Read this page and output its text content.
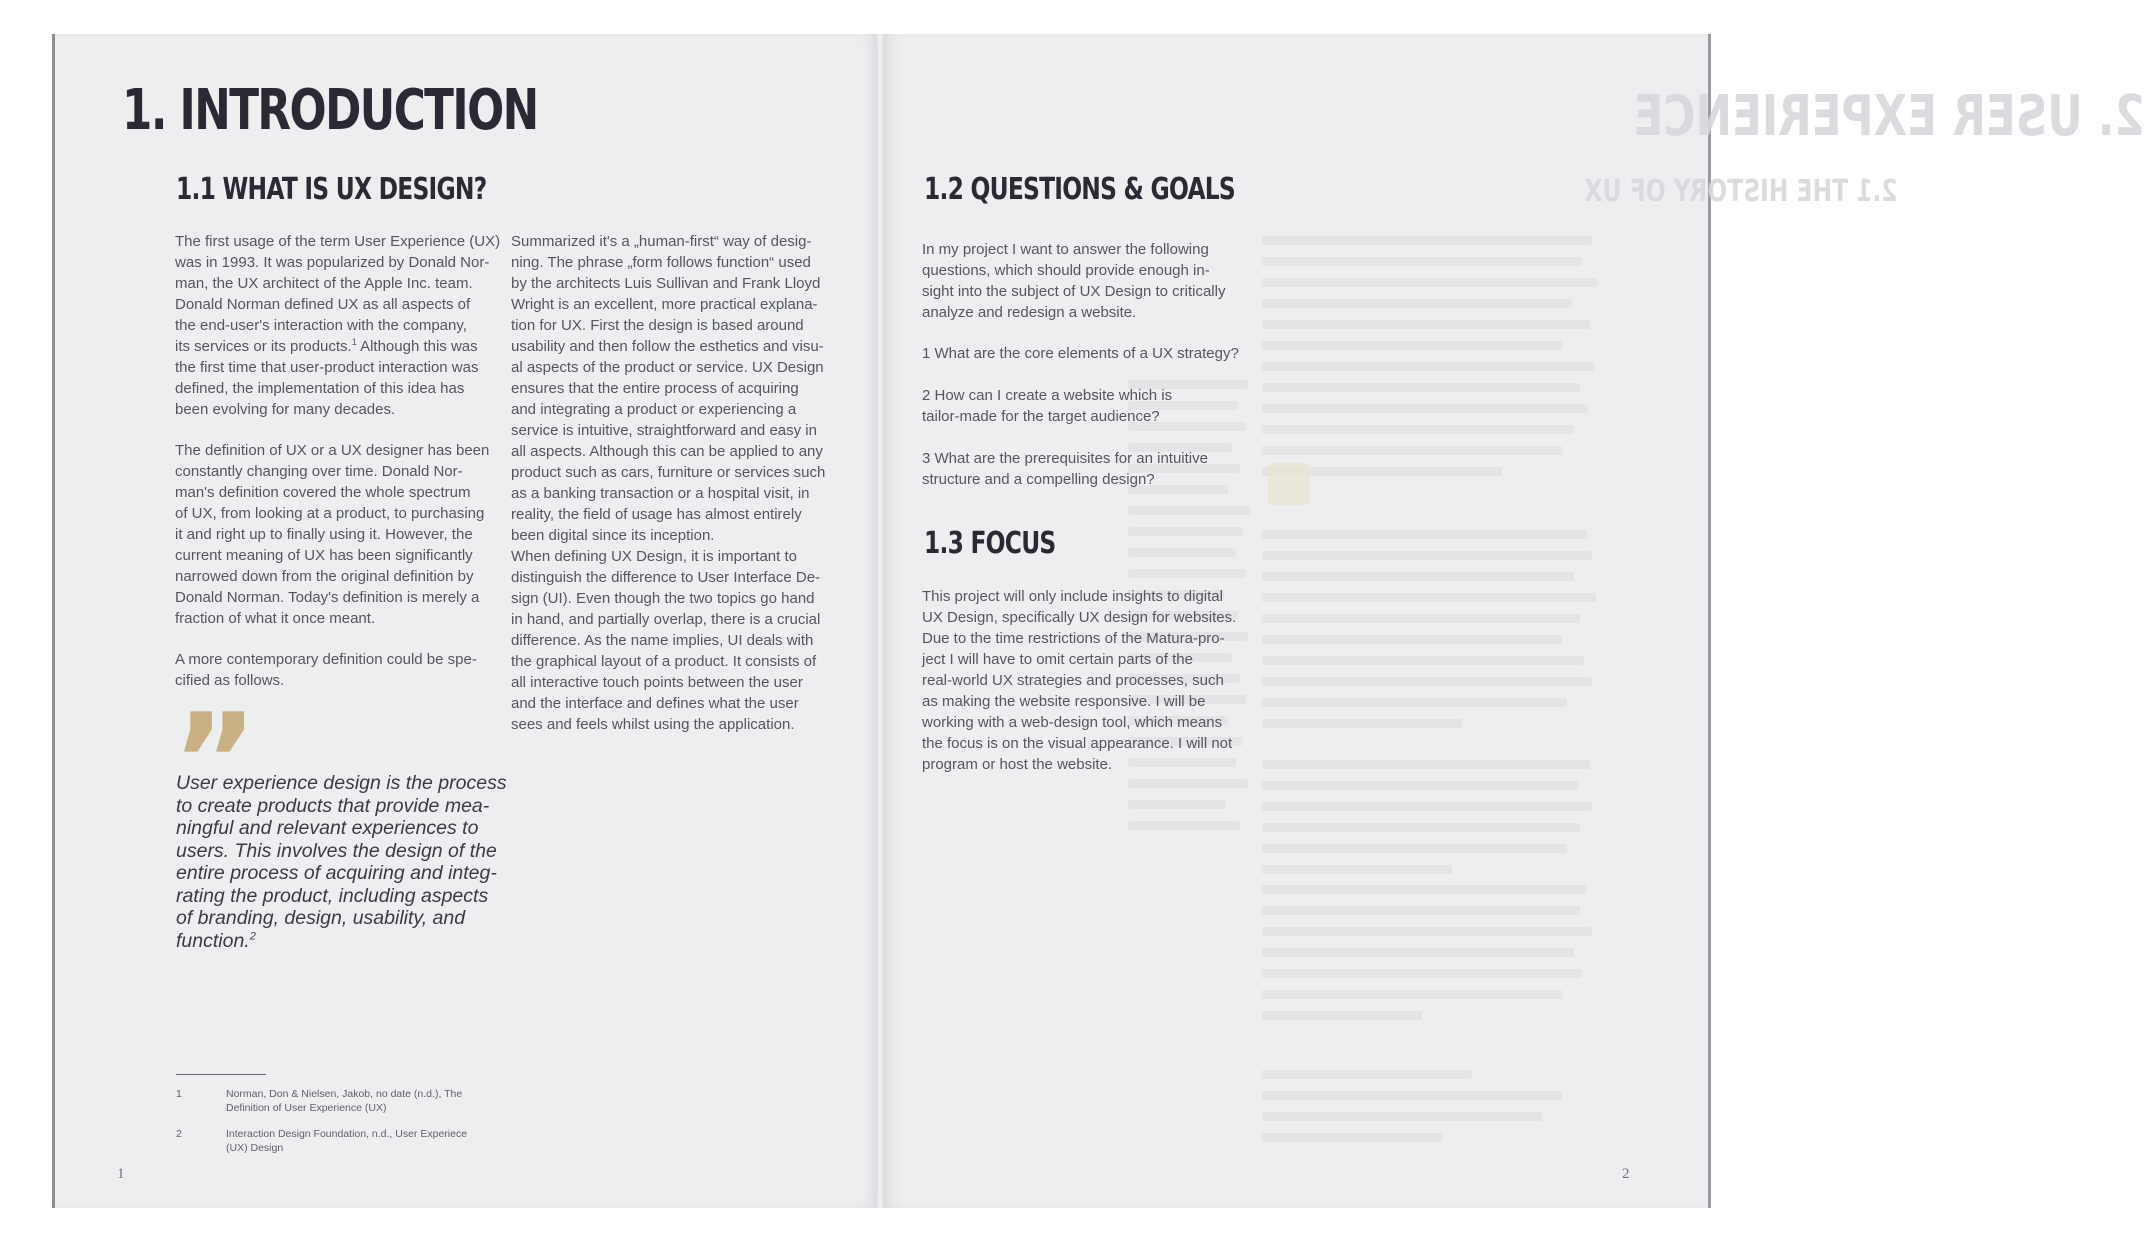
1. INTRODUCTION
1.1 WHAT IS UX DESIGN?
The first usage of the term User Experience (UX)
was in 1993. It was popularized by Donald Nor-
man, the UX architect of the Apple Inc. team.
Donald Norman defined UX as all aspects of
the end-user's interaction with the company,
its services or its products.$^1$ Although this was
the first time that user-product interaction was
defined, the implementation of this idea has
been evolving for many decades.

The definition of UX or a UX designer has been
constantly changing over time. Donald Nor-
man's definition covered the whole spectrum
of UX, from looking at a product, to purchasing
it and right up to finally using it. However, the
current meaning of UX has been significantly
narrowed down from the original definition by
Donald Norman. Today's definition is merely a
fraction of what it once meant.

A more contemporary definition could be spe-
cified as follows.

”
User experience design is the process
to create products that provide mea-
ningful and relevant experiences to
users. This involves the design of the
entire process of acquiring and integ-
rating the product, including aspects
of branding, design, usability, and
function.$^2$
Summarized it's a „human-first“ way of desig-
ning. The phrase „form follows function“ used
by the architects Luis Sullivan and Frank Lloyd
Wright is an excellent, more practical explana-
tion for UX. First the design is based around
usability and then follow the esthetics and visu-
al aspects of the product or service. UX Design
ensures that the entire process of acquiring
and integrating a product or experiencing a
service is intuitive, straightforward and easy in
all aspects. Although this can be applied to any
product such as cars, furniture or services such
as a banking transaction or a hospital visit, in
reality, the field of usage has almost entirely
been digital since its inception.
When defining UX Design, it is important to
distinguish the difference to User Interface De-
sign (UI). Even though the two topics go hand
in hand, and partially overlap, there is a crucial
difference. As the name implies, UI deals with
the graphical layout of a product. It consists of
all interactive touch points between the user
and the interface and defines what the user
sees and feels whilst using the application.

1	Norman, Don & Nielsen, Jakob, no date (n.d.), The
Definition of User Experience (UX)

2	Interaction Design Foundation, n.d., User Experiece
(UX) Design

1
2. USER EXPERIENCE
2.1 THE HISTORY OF UX
1.2 QUESTIONS & GOALS
In my project I want to answer the following
questions, which should provide enough in-
sight into the subject of UX Design to critically
analyze and redesign a website.

1 What are the core elements of a UX strategy?

2 How can I create a website which is
tailor-made for the target audience?

3 What are the prerequisites for an intuitive
structure and a compelling design?

1.3 FOCUS
This project will only include insights to digital
UX Design, specifically UX design for websites.
Due to the time restrictions of the Matura-pro-
ject I will have to omit certain parts of the
real-world UX strategies and processes, such
as making the website responsive. I will be
working with a web-design tool, which means
the focus is on the visual appearance. I will not
program or host the website.

2
